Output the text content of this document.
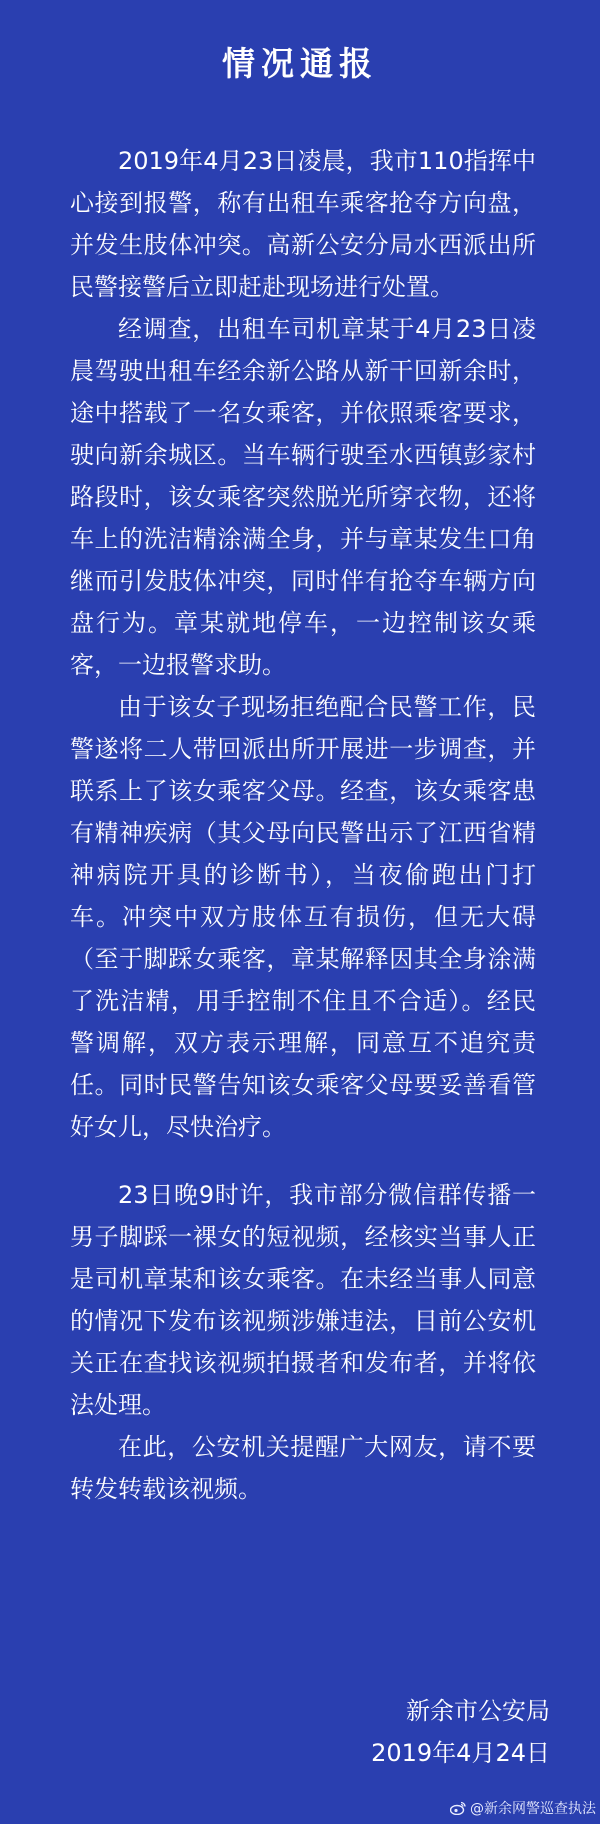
情况通报

2019年4月23日凌晨，我市110指挥中心接到报警，称有出租车乘客抢夺方向盘，并发生肢体冲突。高新公安分局水西派出所民警接警后立即赶赴现场进行处置。

经调查，出租车司机章某于4月23日凌晨驾驶出租车经余新公路从新干回新余时，途中搭载了一名女乘客，并依照乘客要求，驶向新余城区。当车辆行驶至水西镇彭家村路段时，该女乘客突然脱光所穿衣物，还将车上的洗洁精涂满全身，并与章某发生口角继而引发肢体冲突，同时伴有抢夺车辆方向盘行为。章某就地停车，一边控制该女乘客，一边报警求助。

由于该女子现场拒绝配合民警工作，民警遂将二人带回派出所开展进一步调查，并联系上了该女乘客父母。经查，该女乘客患有精神疾病（其父母向民警出示了江西省精神病院开具的诊断书），当夜偷跑出门打车。冲突中双方肢体互有损伤，但无大碍（至于脚踩女乘客，章某解释因其全身涂满了洗洁精，用手控制不住且不合适）。经民警调解，双方表示理解，同意互不追究责任。同时民警告知该女乘客父母要妥善看管好女儿，尽快治疗。

23日晚9时许，我市部分微信群传播一男子脚踩一裸女的短视频，经核实当事人正是司机章某和该女乘客。在未经当事人同意的情况下发布该视频涉嫌违法，目前公安机关正在查找该视频拍摄者和发布者，并将依法处理。

在此，公安机关提醒广大网友，请不要转发转载该视频。

新余市公安局
2019年4月24日
@新余网警巡查执法
